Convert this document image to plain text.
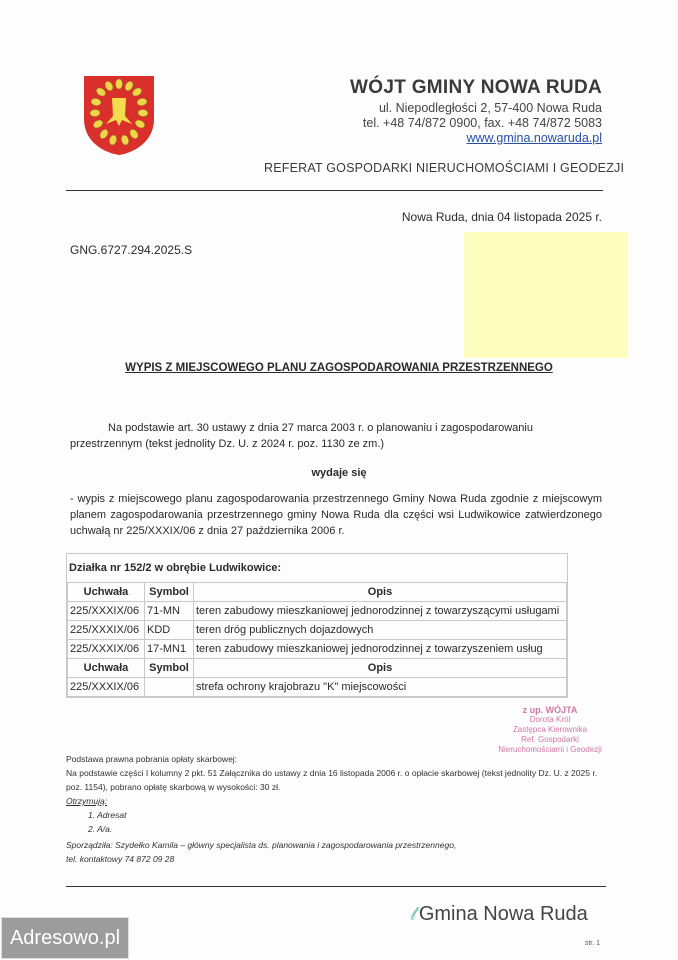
WÓJT GMINY NOWA RUDA
ul. Niepodległości 2, 57-400 Nowa Ruda
tel. +48 74/872 0900, fax. +48 74/872 5083
www.gmina.nowaruda.pl
REFERAT GOSPODARKI NIERUCHOMOŚCIAMI I GEODEZJI
Nowa Ruda, dnia 04 listopada 2025 r.
GNG.6727.294.2025.S
WYPIS Z MIEJSCOWEGO PLANU ZAGOSPODAROWANIA PRZESTRZENNEGO
Na podstawie art. 30 ustawy z dnia 27 marca 2003 r. o planowaniu i zagospodarowaniu przestrzennym (tekst jednolity Dz. U. z 2024 r. poz. 1130 ze zm.)
wydaje się
- wypis z miejscowego planu zagospodarowania przestrzennego Gminy Nowa Ruda zgodnie z miejscowym planem zagospodarowania przestrzennego gminy Nowa Ruda dla części wsi Ludwikowice zatwierdzonego uchwałą nr 225/XXXIX/06 z dnia 27 października 2006 r.
Działka nr 152/2 w obrębie Ludwikowice:
Uchwała	Symbol	Opis
225/XXXIX/06	71-MN	teren zabudowy mieszkaniowej jednorodzinnej z towarzyszącymi usługami
225/XXXIX/06	KDD	teren dróg publicznych dojazdowych
225/XXXIX/06	17-MN1	teren zabudowy mieszkaniowej jednorodzinnej z towarzyszeniem usług
Uchwała	Symbol	Opis
225/XXXIX/06		strefa ochrony krajobrazu "K" miejscowości
z up. WÓJTA
Dorota Król
Zastępca Kierownika
Ref. Gospodarki
Nieruchomościami i Geodezji
Podstawa prawna pobrania opłaty skarbowej:
Na podstawie części I kolumny 2 pkt. 51 Załącznika do ustawy z dnia 16 listopada 2006 r. o opłacie skarbowej (tekst jednolity Dz. U. z 2025 r. poz. 1154), pobrano opłatę skarbową w wysokości: 30 zł.
Otrzymują:
1. Adresat
2. A/a.
Sporządziła: Szydełko Kamila – główny specjalista ds. planowania i zagospodarowania przestrzennego,
tel. kontaktowy 74 872 09 28
𝓉 Gmina Nowa Ruda
str. 1
Adresowo.pl
